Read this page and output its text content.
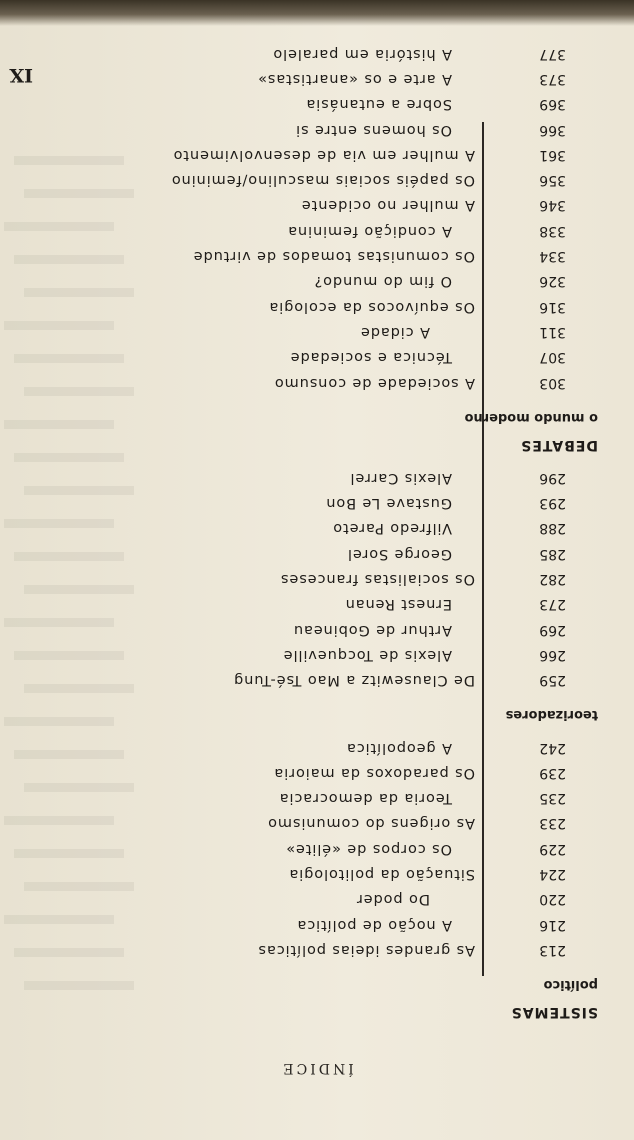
ÍNDICE
IX
SISTEMAS
político
213
As grandes ideias políticas
216
A noção de política
220
Do poder
224
Situação da politologia
229
Os corpos de «élite»
233
As origens do comunismo
235
Teoria da democracia
239
Os paradoxos da maioria
242
A geopolítica
teorizadores
259
De Clausewitz a Mao Tsé-Tung
266
Alexis de Tocqueville
269
Arthur de Gobineau
273
Ernest Renan
282
Os socialistas franceses
285
George Sorel
288
Vilfredo Pareto
293
Gustave Le Bon
296
Alexis Carrel
DEBATES
o mundo moderno
303
A sociedade de consumo
307
Técnica e sociedade
311
A cidade
316
Os equívocos da ecologia
326
O fim do mundo?
334
Os comunistas tomados de virtude
338
A condição feminina
346
A mulher no ocidente
356
Os papéis sociais masculino/feminino
361
A mulher em via de desenvolvimento
366
Os homens entre si
369
Sobre a eutanásia
373
A arte e os «anartistas»
377
A história em paralelo
